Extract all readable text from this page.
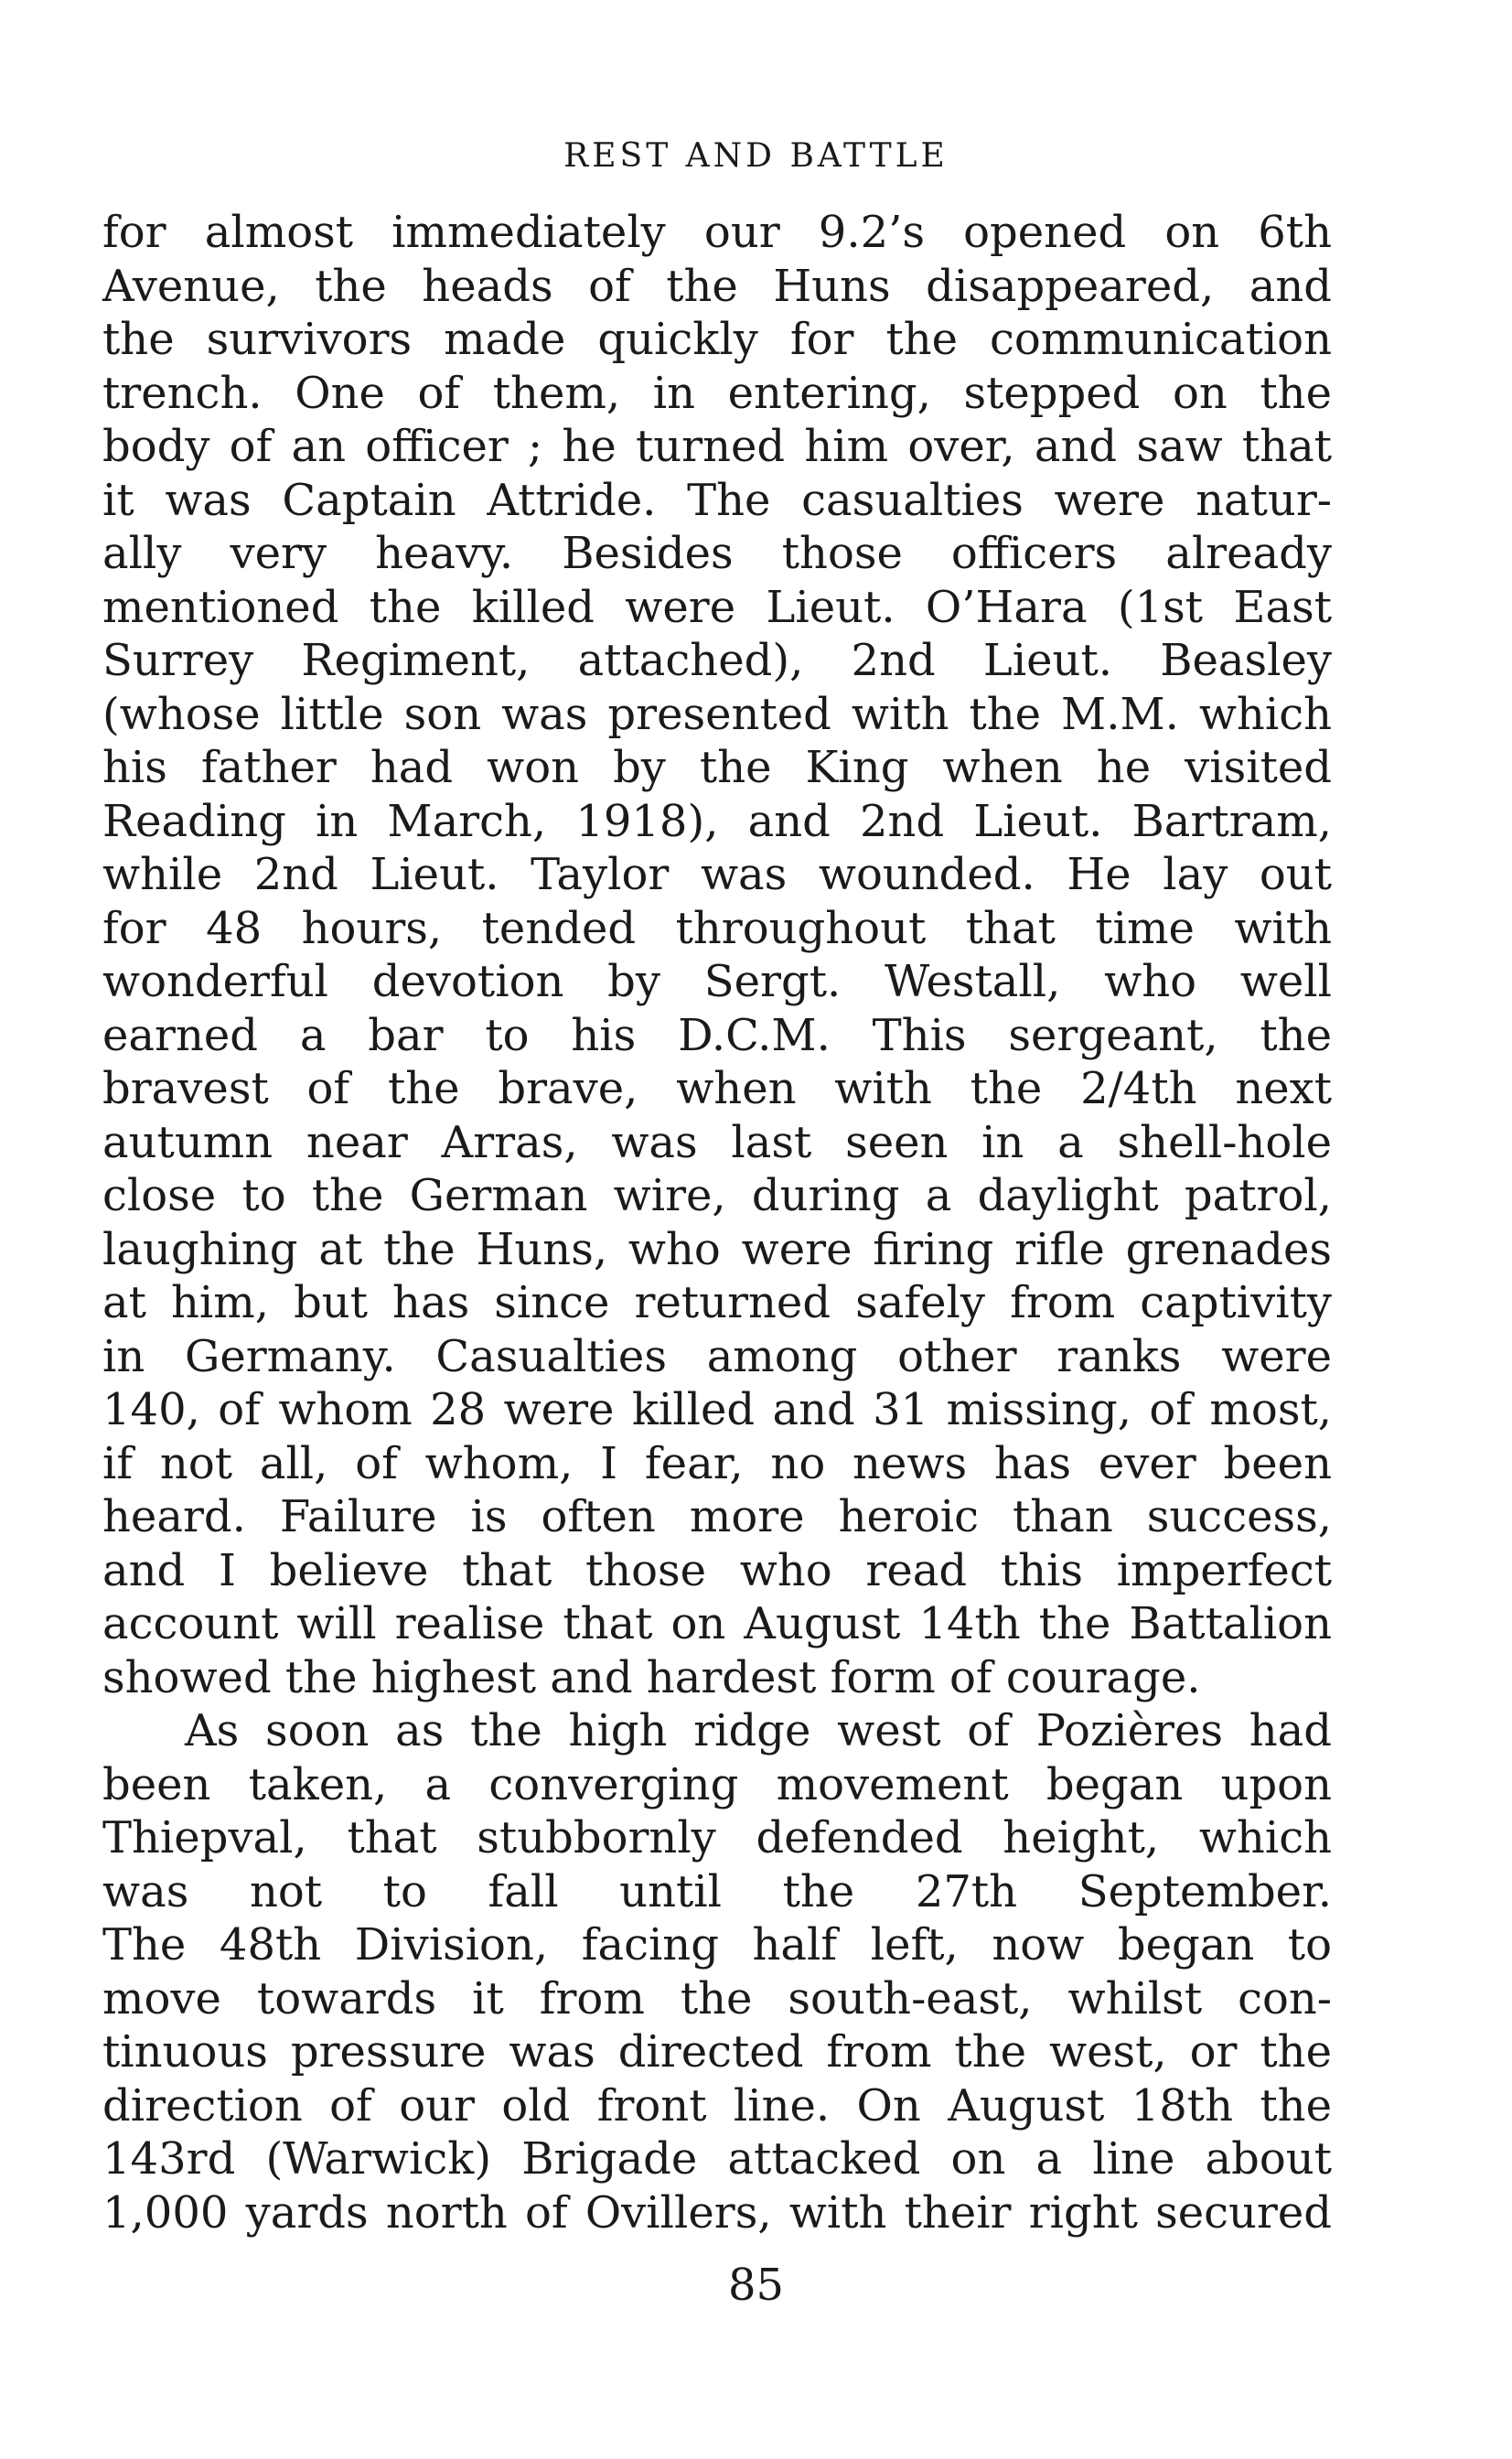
REST AND BATTLE
for almost immediately our 9.2’s opened on 6th
Avenue, the heads of the Huns disappeared, and
the survivors made quickly for the communication
trench. One of them, in entering, stepped on the
body of an officer ; he turned him over, and saw that
it was Captain Attride. The casualties were natur-
ally very heavy. Besides those officers already
mentioned the killed were Lieut. O’Hara (1st East
Surrey Regiment, attached), 2nd Lieut. Beasley
(whose little son was presented with the M.M. which
his father had won by the King when he visited
Reading in March, 1918), and 2nd Lieut. Bartram,
while 2nd Lieut. Taylor was wounded. He lay out
for 48 hours, tended throughout that time with
wonderful devotion by Sergt. Westall, who well
earned a bar to his D.C.M. This sergeant, the
bravest of the brave, when with the 2/4th next
autumn near Arras, was last seen in a shell-hole
close to the German wire, during a daylight patrol,
laughing at the Huns, who were firing rifle grenades
at him, but has since returned safely from captivity
in Germany. Casualties among other ranks were
140, of whom 28 were killed and 31 missing, of most,
if not all, of whom, I fear, no news has ever been
heard. Failure is often more heroic than success,
and I believe that those who read this imperfect
account will realise that on August 14th the Battalion
showed the highest and hardest form of courage.
As soon as the high ridge west of Pozières had
been taken, a converging movement began upon
Thiepval, that stubbornly defended height, which
was not to fall until the 27th September.
The 48th Division, facing half left, now began to
move towards it from the south-east, whilst con-
tinuous pressure was directed from the west, or the
direction of our old front line. On August 18th the
143rd (Warwick) Brigade attacked on a line about
1,000 yards north of Ovillers, with their right secured
85
